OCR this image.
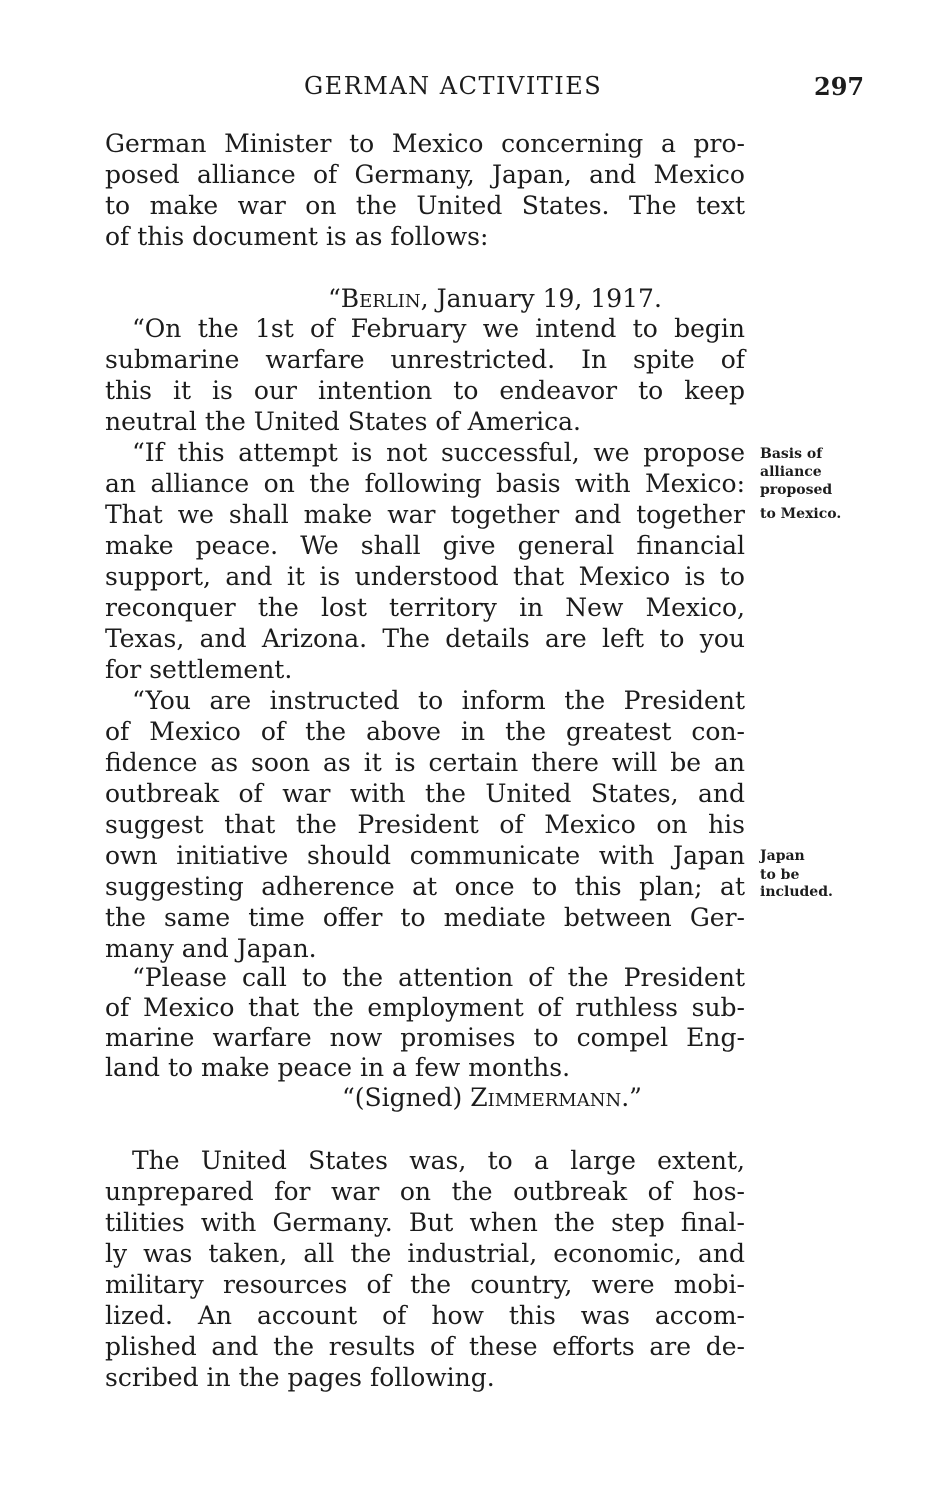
GERMAN ACTIVITIES	297
German Minister to Mexico concerning a pro-
posed alliance of Germany, Japan, and Mexico
to make war on the United States. The text
of this document is as follows:
“Berlin, January 19, 1917.
“On the 1st of February we intend to begin
submarine warfare unrestricted. In spite of
this it is our intention to endeavor to keep
neutral the United States of America.
“If this attempt is not successful, we propose
an alliance on the following basis with Mexico:
That we shall make war together and together
make peace. We shall give general financial
support, and it is understood that Mexico is to
reconquer the lost territory in New Mexico,
Texas, and Arizona. The details are left to you
for settlement.
“You are instructed to inform the President
of Mexico of the above in the greatest con-
fidence as soon as it is certain there will be an
outbreak of war with the United States, and
suggest that the President of Mexico on his
own initiative should communicate with Japan
suggesting adherence at once to this plan; at
the same time offer to mediate between Ger-
many and Japan.
“Please call to the attention of the President
of Mexico that the employment of ruthless sub-
marine warfare now promises to compel Eng-
land to make peace in a few months.
“(Signed) Zimmermann.”
The United States was, to a large extent,
unprepared for war on the outbreak of hos-
tilities with Germany. But when the step final-
ly was taken, all the industrial, economic, and
military resources of the country, were mobi-
lized. An account of how this was accom-
plished and the results of these efforts are de-
scribed in the pages following.
Basis of
alliance
proposed
to Mexico.
Japan
to be
included.
